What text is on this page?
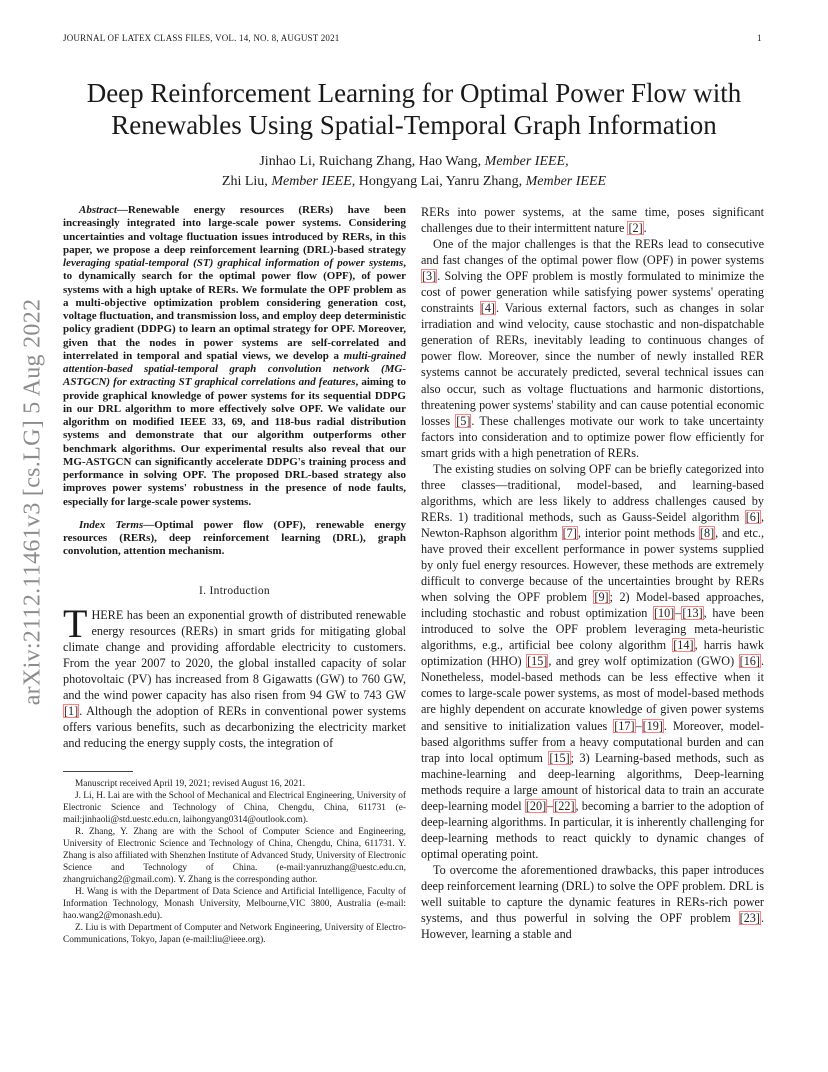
JOURNAL OF LATEX CLASS FILES, VOL. 14, NO. 8, AUGUST 2021	1
arXiv:2112.11461v3 [cs.LG] 5 Aug 2022
Deep Reinforcement Learning for Optimal Power Flow with
Renewables Using Spatial-Temporal Graph Information
Jinhao Li, Ruichang Zhang, Hao Wang, Member IEEE,
Zhi Liu, Member IEEE, Hongyang Lai, Yanru Zhang, Member IEEE

Abstract—Renewable energy resources (RERs) have been increasingly integrated into large-scale power systems. Considering uncertainties and voltage fluctuation issues introduced by RERs, in this paper, we propose a deep reinforcement learning (DRL)-based strategy leveraging spatial-temporal (ST) graphical information of power systems, to dynamically search for the optimal power flow (OPF), of power systems with a high uptake of RERs. We formulate the OPF problem as a multi-objective optimization problem considering generation cost, voltage fluctuation, and transmission loss, and employ deep deterministic policy gradient (DDPG) to learn an optimal strategy for OPF. Moreover, given that the nodes in power systems are self-correlated and interrelated in temporal and spatial views, we develop a multi-grained attention-based spatial-temporal graph convolution network (MG-ASTGCN) for extracting ST graphical correlations and features, aiming to provide graphical knowledge of power systems for its sequential DDPG in our DRL algorithm to more effectively solve OPF. We validate our algorithm on modified IEEE 33, 69, and 118-bus radial distribution systems and demonstrate that our algorithm outperforms other benchmark algorithms. Our experimental results also reveal that our MG-ASTGCN can significantly accelerate DDPG's training process and performance in solving OPF. The proposed DRL-based strategy also improves power systems' robustness in the presence of node faults, especially for large-scale power systems.

Index Terms—Optimal power flow (OPF), renewable energy resources (RERs), deep reinforcement learning (DRL), graph convolution, attention mechanism.

I. Introduction

THERE has been an exponential growth of distributed renewable energy resources (RERs) in smart grids for mitigating global climate change and providing affordable electricity to customers. From the year 2007 to 2020, the global installed capacity of solar photovoltaic (PV) has increased from 8 Gigawatts (GW) to 760 GW, and the wind power capacity has also risen from 94 GW to 743 GW [1]. Although the adoption of RERs in conventional power systems offers various benefits, such as decarbonizing the electricity market and reducing the energy supply costs, the integration of

Manuscript received April 19, 2021; revised August 16, 2021.

J. Li, H. Lai are with the School of Mechanical and Electrical Engineering, University of Electronic Science and Technology of China, Chengdu, China, 611731 (e-mail:jinhaoli@std.uestc.edu.cn, laihongyang0314@outlook.com).

R. Zhang, Y. Zhang are with the School of Computer Science and Engineering, University of Electronic Science and Technology of China, Chengdu, China, 611731. Y. Zhang is also affiliated with Shenzhen Institute of Advanced Study, University of Electronic Science and Technology of China. (e-mail:yanruzhang@uestc.edu.cn, zhangruichang2@gmail.com). Y. Zhang is the corresponding author.

H. Wang is with the Department of Data Science and Artificial Intelligence, Faculty of Information Technology, Monash University, Melbourne,VIC 3800, Australia (e-mail: hao.wang2@monash.edu).

Z. Liu is with Department of Computer and Network Engineering, University of Electro-Communications, Tokyo, Japan (e-mail:liu@ieee.org).

RERs into power systems, at the same time, poses significant challenges due to their intermittent nature [2].

One of the major challenges is that the RERs lead to consecutive and fast changes of the optimal power flow (OPF) in power systems [3]. Solving the OPF problem is mostly formulated to minimize the cost of power generation while satisfying power systems' operating constraints [4]. Various external factors, such as changes in solar irradiation and wind velocity, cause stochastic and non-dispatchable generation of RERs, inevitably leading to continuous changes of power flow. Moreover, since the number of newly installed RER systems cannot be accurately predicted, several technical issues can also occur, such as voltage fluctuations and harmonic distortions, threatening power systems' stability and can cause potential economic losses [5]. These challenges motivate our work to take uncertainty factors into consideration and to optimize power flow efficiently for smart grids with a high penetration of RERs.

The existing studies on solving OPF can be briefly categorized into three classes—traditional, model-based, and learning-based algorithms, which are less likely to address challenges caused by RERs. 1) traditional methods, such as Gauss-Seidel algorithm [6], Newton-Raphson algorithm [7], interior point methods [8], and etc., have proved their excellent performance in power systems supplied by only fuel energy resources. However, these methods are extremely difficult to converge because of the uncertainties brought by RERs when solving the OPF problem [9]; 2) Model-based approaches, including stochastic and robust optimization [10]–[13], have been introduced to solve the OPF problem leveraging meta-heuristic algorithms, e.g., artificial bee colony algorithm [14], harris hawk optimization (HHO) [15], and grey wolf optimization (GWO) [16]. Nonetheless, model-based methods can be less effective when it comes to large-scale power systems, as most of model-based methods are highly dependent on accurate knowledge of given power systems and sensitive to initialization values [17]–[19]. Moreover, model-based algorithms suffer from a heavy computational burden and can trap into local optimum [15]; 3) Learning-based methods, such as machine-learning and deep-learning algorithms, Deep-learning methods require a large amount of historical data to train an accurate deep-learning model [20]–[22], becoming a barrier to the adoption of deep-learning algorithms. In particular, it is inherently challenging for deep-learning methods to react quickly to dynamic changes of optimal operating point.

To overcome the aforementioned drawbacks, this paper introduces deep reinforcement learning (DRL) to solve the OPF problem. DRL is well suitable to capture the dynamic features in RERs-rich power systems, and thus powerful in solving the OPF problem [23]. However, learning a stable and
